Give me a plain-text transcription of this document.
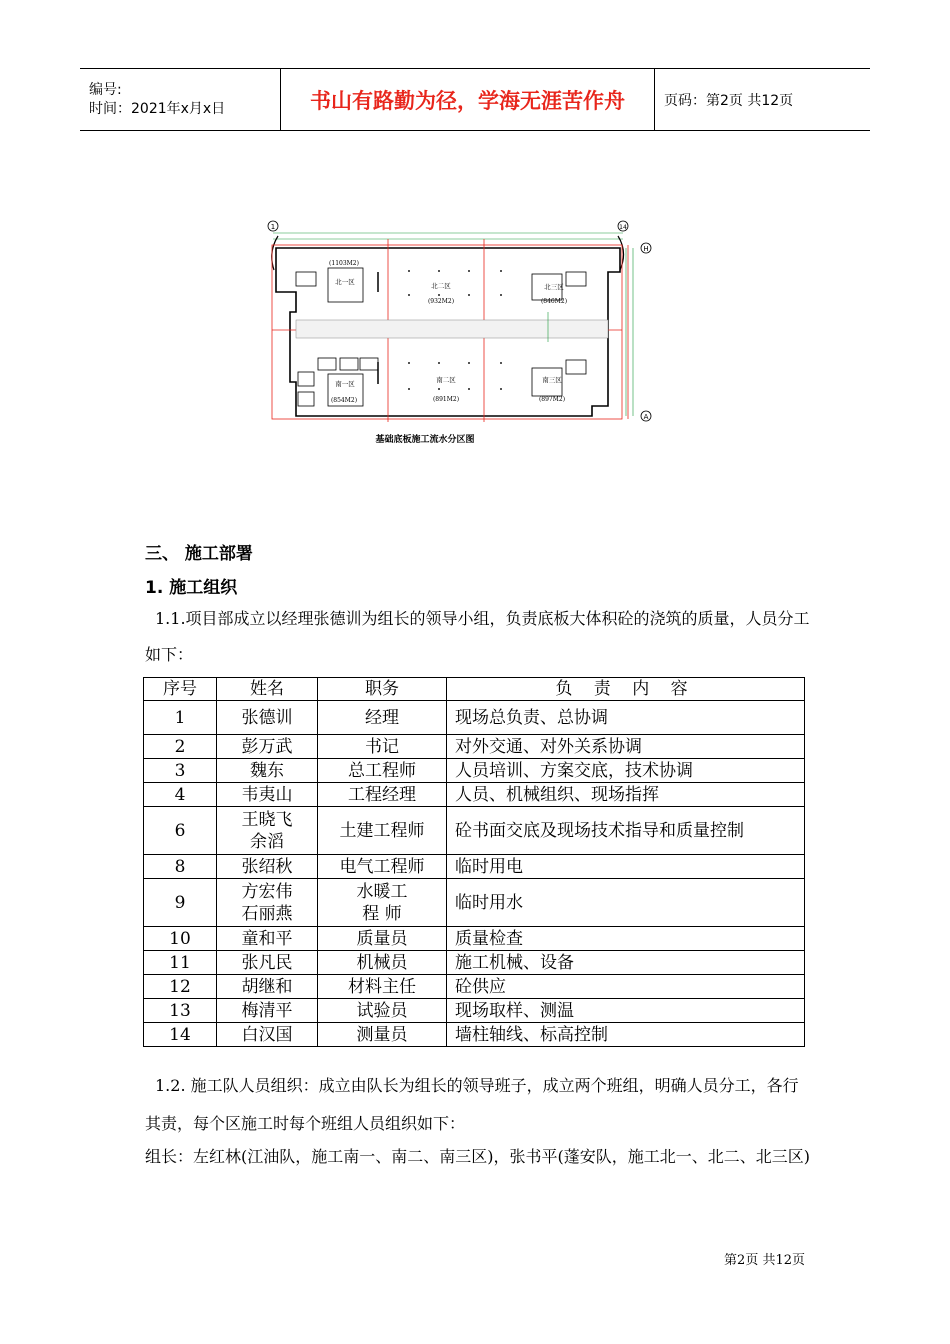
编号:
时间：2021年x月x日	书山有路勤为径，学海无涯苦作舟	页码：第2页 共12页
1	14
H
A
(1103M2)
北一区	北二区
(932M2)
北三区
(846M2)
南一区
(854M2)
南二区
(891M2)
南三区
(897M2)
基础底板施工流水分区图
三、 施工部署
1. 施工组织
1.1.项目部成立以经理张德训为组长的领导小组，负责底板大体积砼的浇筑的质量，人员分工如下：
序号	姓名	职务	负 责 内 容
1	张德训	经理	现场总负责、总协调
2	彭万武	书记	对外交通、对外关系协调
3	魏东	总工程师	人员培训、方案交底，技术协调
4	韦夷山	工程经理	人员、机械组织、现场指挥
6	王晓飞
余滔	土建工程师	砼书面交底及现场技术指导和质量控制
8	张绍秋	电气工程师	临时用电
9	方宏伟
石丽燕	水暖工
程 师	临时用水
10	童和平	质量员	质量检查
11	张凡民	机械员	施工机械、设备
12	胡继和	材料主任	砼供应
13	梅清平	试验员	现场取样、测温
14	白汉国	测量员	墙柱轴线、标高控制
1.2. 施工队人员组织：成立由队长为组长的领导班子，成立两个班组，明确人员分工，各行其责，每个区施工时每个班组人员组织如下：
组长：左红林(江油队，施工南一、南二、南三区)，张书平(蓬安队，施工北一、北二、北三区)
第2页 共12页
